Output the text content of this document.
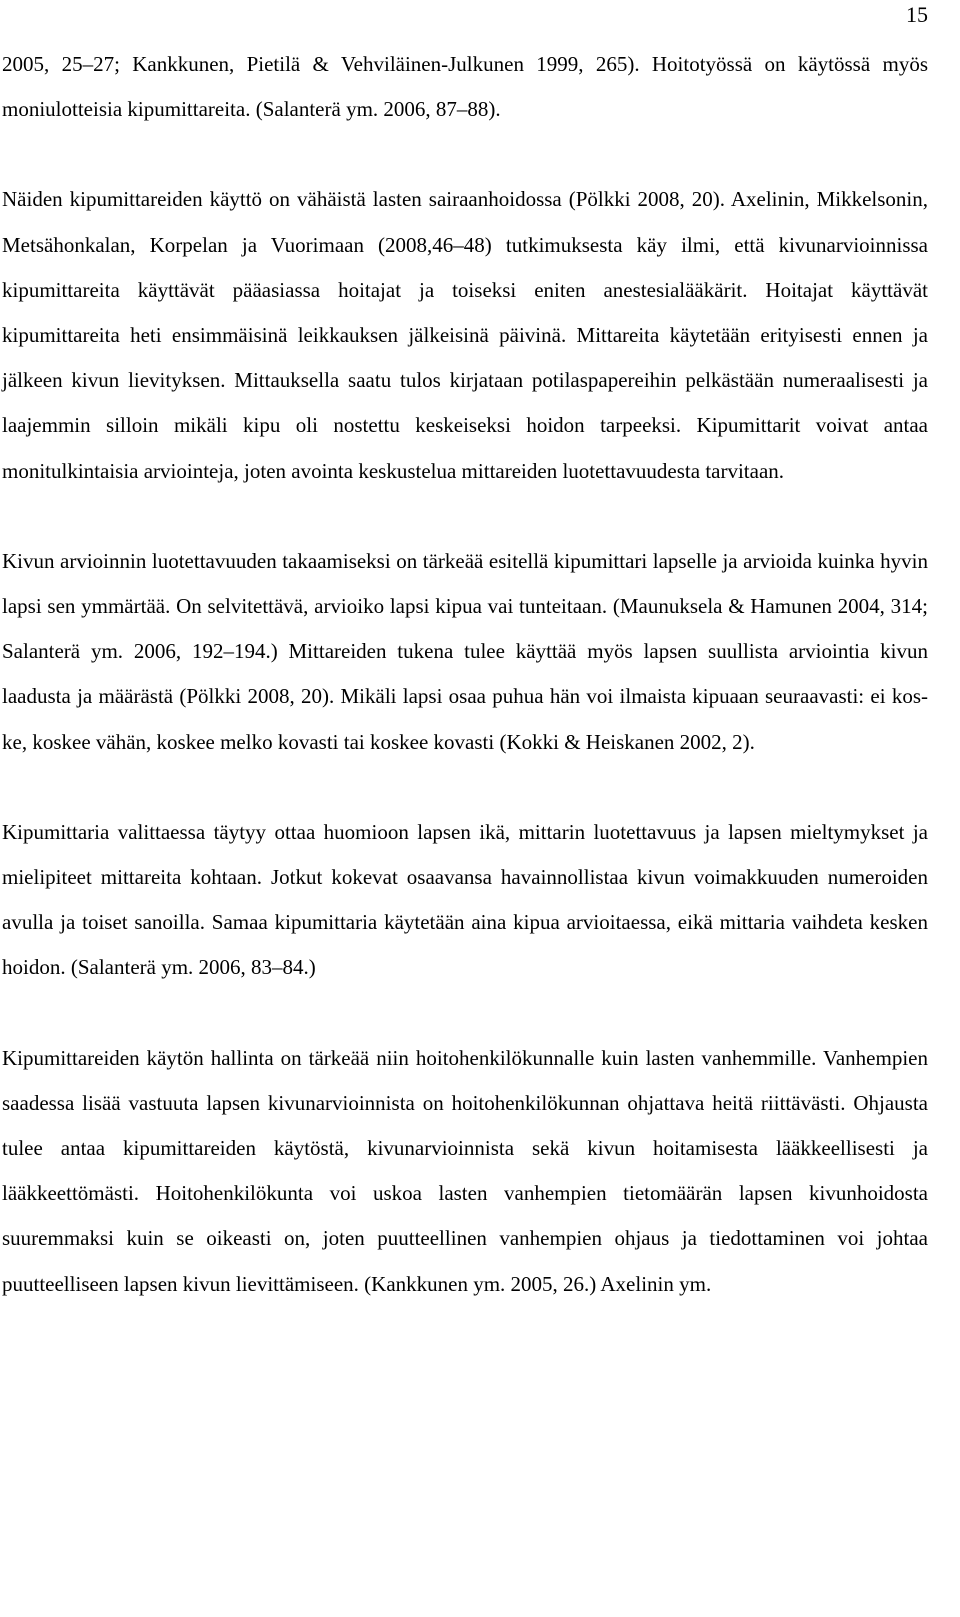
15

2005, 25–27; Kankkunen, Pietilä & Vehviläinen-Julkunen 1999, 265). Hoitotyössä on käytössä myös moniulotteisia kipumittareita. (Salanterä ym. 2006, 87–88).

Näiden kipumittareiden käyttö on vähäistä lasten sairaanhoidossa (Pölkki 2008, 20). Axelinin, Mikkelsonin, Metsähonkalan, Korpelan ja Vuorimaan (2008,46–48) tutkimuksesta käy ilmi, että kivunarvioinnissa kipumittareita käyttävät pääasiassa hoitajat ja toiseksi eniten anestesialääkärit. Hoitajat käyttävät kipumittareita heti ensimmäisinä leikkauksen jälkeisinä päivinä. Mittareita käytetään erityisesti ennen ja jälkeen kivun lievityksen. Mittauksella saatu tulos kirjataan potilaspapereihin pelkästään numeraalisesti ja laajemmin silloin mikäli kipu oli nostettu keskeiseksi hoidon tarpeeksi. Kipumittarit voivat antaa monitulkintaisia arviointeja, joten avointa keskustelua mittareiden luotettavuudesta tarvitaan.

Kivun arvioinnin luotettavuuden takaamiseksi on tärkeää esitellä kipumittari lapselle ja arvioida kuinka hyvin lapsi sen ymmärtää. On selvitettävä, arvioiko lapsi kipua vai tunteitaan. (Maunuksela & Hamunen 2004, 314; Salanterä ym. 2006, 192–194.) Mittareiden tukena tulee käyttää myös lapsen suullista arviointia kivun laadusta ja määrästä (Pölkki 2008, 20). Mikäli lapsi osaa puhua hän voi ilmaista kipuaan seuraavasti: ei koske, koskee vähän, koskee melko kovasti tai koskee kovasti (Kokki & Heiskanen 2002, 2).

Kipumittaria valittaessa täytyy ottaa huomioon lapsen ikä, mittarin luotettavuus ja lapsen mieltymykset ja mielipiteet mittareita kohtaan. Jotkut kokevat osaavansa havainnollistaa kivun voimakkuuden numeroiden avulla ja toiset sanoilla. Samaa kipumittaria käytetään aina kipua arvioitaessa, eikä mittaria vaihdeta kesken hoidon. (Salanterä ym. 2006, 83–84.)

Kipumittareiden käytön hallinta on tärkeää niin hoitohenkilökunnalle kuin lasten vanhemmille. Vanhempien saadessa lisää vastuuta lapsen kivunarvioinnista on hoitohenkilökunnan ohjattava heitä riittävästi. Ohjausta tulee antaa kipumittareiden käytöstä, kivunarvioinnista sekä kivun hoitamisesta lääkkeellisesti ja lääkkeettömästi. Hoitohenkilökunta voi uskoa lasten vanhempien tietomäärän lapsen kivunhoidosta suuremmaksi kuin se oikeasti on, joten puutteellinen vanhempien ohjaus ja tiedottaminen voi johtaa puutteelliseen lapsen kivun lievittämiseen. (Kankkunen ym. 2005, 26.) Axelinin ym.
